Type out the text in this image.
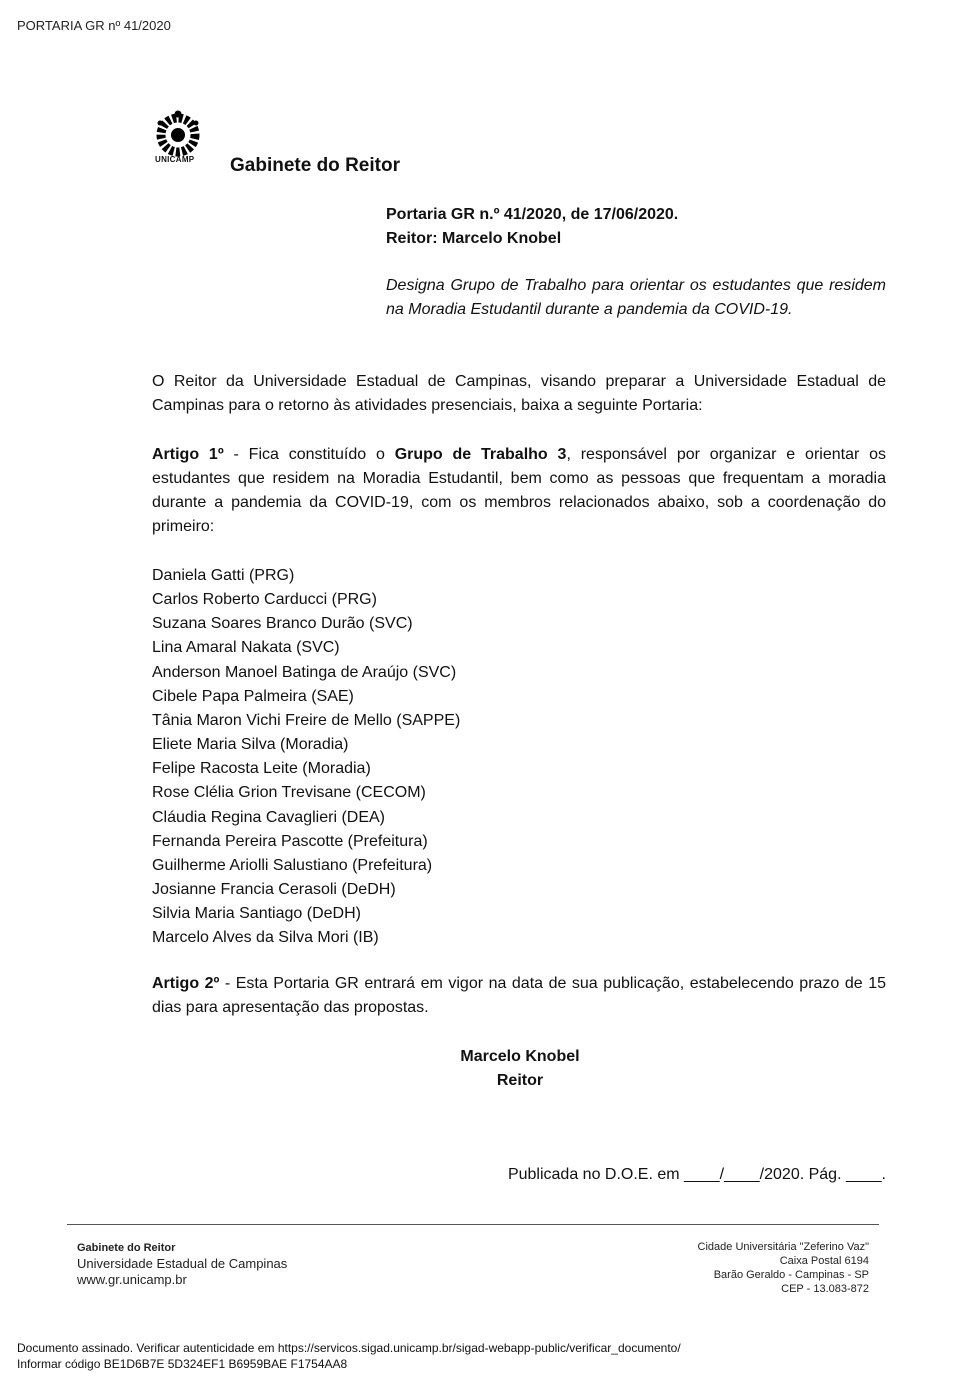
PORTARIA GR nº 41/2020
UNICAMP Gabinete do Reitor
Portaria GR n.º 41/2020, de 17/06/2020.
Reitor: Marcelo Knobel
Designa Grupo de Trabalho para orientar os estudantes que residem na Moradia Estudantil durante a pandemia da COVID-19.
O Reitor da Universidade Estadual de Campinas, visando preparar a Universidade Estadual de Campinas para o retorno às atividades presenciais, baixa a seguinte Portaria:
Artigo 1º - Fica constituído o Grupo de Trabalho 3, responsável por organizar e orientar os estudantes que residem na Moradia Estudantil, bem como as pessoas que frequentam a moradia durante a pandemia da COVID-19, com os membros relacionados abaixo, sob a coordenação do primeiro:
Daniela Gatti (PRG)
Carlos Roberto Carducci (PRG)
Suzana Soares Branco Durão (SVC)
Lina Amaral Nakata (SVC)
Anderson Manoel Batinga de Araújo (SVC)
Cibele Papa Palmeira (SAE)
Tânia Maron Vichi Freire de Mello (SAPPE)
Eliete Maria Silva (Moradia)
Felipe Racosta Leite (Moradia)
Rose Clélia Grion Trevisane (CECOM)
Cláudia Regina Cavaglieri (DEA)
Fernanda Pereira Pascotte (Prefeitura)
Guilherme Ariolli Salustiano (Prefeitura)
Josianne Francia Cerasoli (DeDH)
Silvia Maria Santiago (DeDH)
Marcelo Alves da Silva Mori (IB)
Artigo 2º - Esta Portaria GR entrará em vigor na data de sua publicação, estabelecendo prazo de 15 dias para apresentação das propostas.
Marcelo Knobel
Reitor
Publicada no D.O.E. em ____/____/2020. Pág. ____.
Gabinete do Reitor
Universidade Estadual de Campinas
www.gr.unicamp.br
Cidade Universitária "Zeferino Vaz"
Caixa Postal 6194
Barão Geraldo - Campinas - SP
CEP - 13.083-872
Documento assinado. Verificar autenticidade em https://servicos.sigad.unicamp.br/sigad-webapp-public/verificar_documento/
Informar código BE1D6B7E 5D324EF1 B6959BAE F1754AA8
